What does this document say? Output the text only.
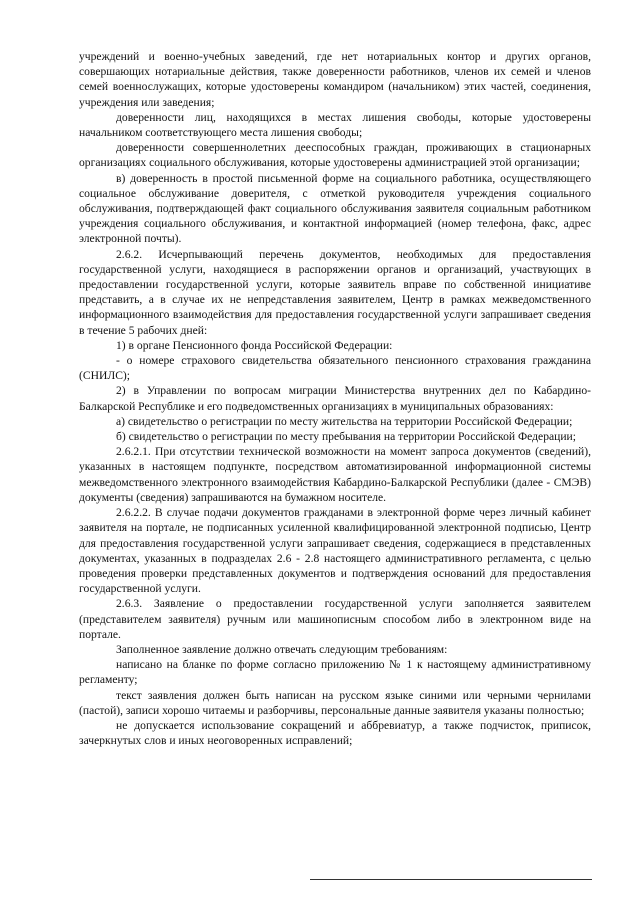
учреждений и военно-учебных заведений, где нет нотариальных контор и других органов, совершающих нотариальные действия, также доверенности работников, членов их семей и членов семей военнослужащих, которые удостоверены командиром (начальником) этих частей, соединения, учреждения или заведения;

доверенности лиц, находящихся в местах лишения свободы, которые удостоверены начальником соответствующего места лишения свободы;

доверенности совершеннолетних дееспособных граждан, проживающих в стационарных организациях социального обслуживания, которые удостоверены администрацией этой организации;

в) доверенность в простой письменной форме на социального работника, осуществляющего социальное обслуживание доверителя, с отметкой руководителя учреждения социального обслуживания, подтверждающей факт социального обслуживания заявителя социальным работником учреждения социального обслуживания, и контактной информацией (номер телефона, факс, адрес электронной почты).

2.6.2. Исчерпывающий перечень документов, необходимых для предоставления государственной услуги, находящиеся в распоряжении органов и организаций, участвующих в предоставлении государственной услуги, которые заявитель вправе по собственной инициативе представить, а в случае их не непредставления заявителем, Центр в рамках межведомственного информационного взаимодействия для предоставления государственной услуги запрашивает сведения в течение 5 рабочих дней:

1) в органе Пенсионного фонда Российской Федерации:

- о номере страхового свидетельства обязательного пенсионного страхования гражданина (СНИЛС);

2) в Управлении по вопросам миграции Министерства внутренних дел по Кабардино-Балкарской Республике и его подведомственных организациях в муниципальных образованиях:

а) свидетельство о регистрации по месту жительства на территории Российской Федерации;

б) свидетельство о регистрации по месту пребывания на территории Российской Федерации;

2.6.2.1. При отсутствии технической возможности на момент запроса документов (сведений), указанных в настоящем подпункте, посредством автоматизированной информационной системы межведомственного электронного взаимодействия Кабардино-Балкарской Республики (далее - СМЭВ) документы (сведения) запрашиваются на бумажном носителе.

2.6.2.2. В случае подачи документов гражданами в электронной форме через личный кабинет заявителя на портале, не подписанных усиленной квалифицированной электронной подписью, Центр для предоставления государственной услуги запрашивает сведения, содержащиеся в представленных документах, указанных в подразделах 2.6 - 2.8 настоящего административного регламента, с целью проведения проверки представленных документов и подтверждения оснований для предоставления государственной услуги.

2.6.3. Заявление о предоставлении государственной услуги заполняется заявителем (представителем заявителя) ручным или машинописным способом либо в электронном виде на портале.

Заполненное заявление должно отвечать следующим требованиям:

написано на бланке по форме согласно приложению № 1 к настоящему административному регламенту;

текст заявления должен быть написан на русском языке синими или черными чернилами (пастой), записи хорошо читаемы и разборчивы, персональные данные заявителя указаны полностью;

не допускается использование сокращений и аббревиатур, а также подчисток, приписок, зачеркнутых слов и иных неоговоренных исправлений;
